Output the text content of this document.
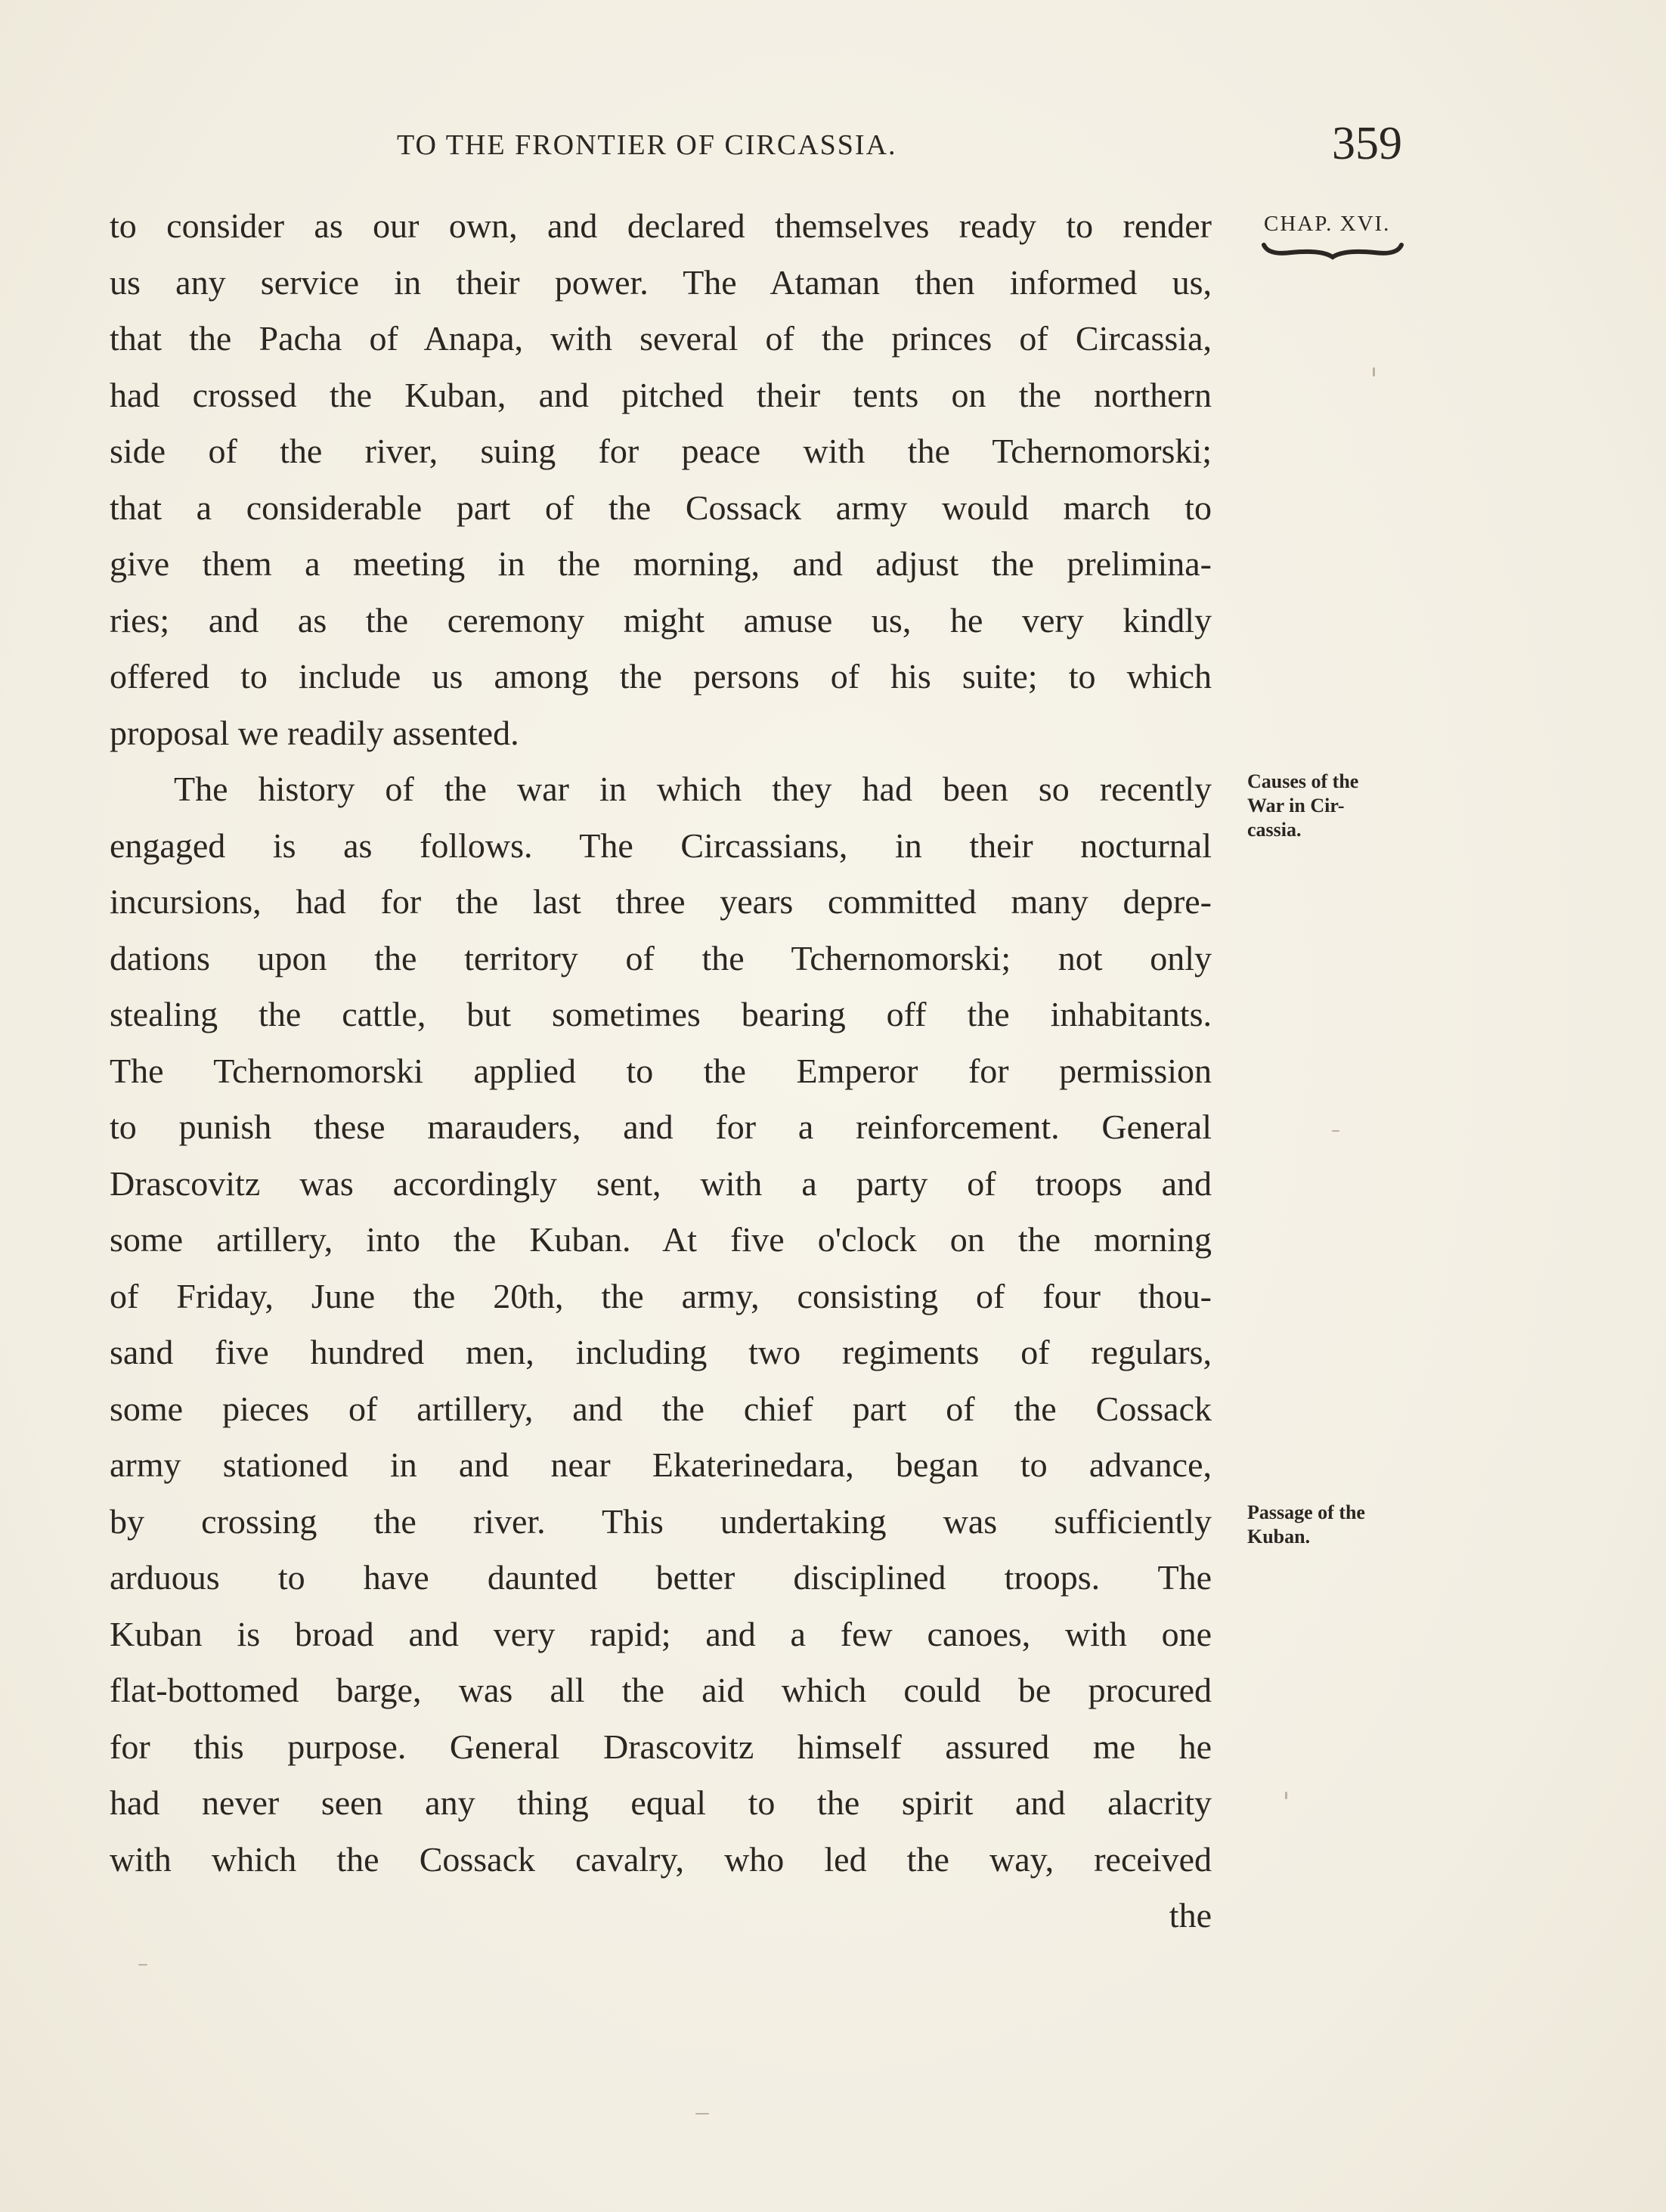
TO THE FRONTIER OF CIRCASSIA.	359
CHAP. XVI.
to consider as our own, and declared themselves ready to render
us any service in their power. The Ataman then informed us,
that the Pacha of Anapa, with several of the princes of Circassia,
had crossed the Kuban, and pitched their tents on the northern
side of the river, suing for peace with the Tchernomorski;
that a considerable part of the Cossack army would march to
give them a meeting in the morning, and adjust the prelimina-
ries; and as the ceremony might amuse us, he very kindly
offered to include us among the persons of his suite; to which
proposal we readily assented.
The history of the war in which they had been so recently
engaged is as follows. The Circassians, in their nocturnal
incursions, had for the last three years committed many depre-
dations upon the territory of the Tchernomorski; not only
stealing the cattle, but sometimes bearing off the inhabitants.
The Tchernomorski applied to the Emperor for permission
to punish these marauders, and for a reinforcement. General
Drascovitz was accordingly sent, with a party of troops and
some artillery, into the Kuban. At five o'clock on the morning
of Friday, June the 20th, the army, consisting of four thou-
sand five hundred men, including two regiments of regulars,
some pieces of artillery, and the chief part of the Cossack
army stationed in and near Ekaterinedara, began to advance,
by crossing the river. This undertaking was sufficiently
arduous to have daunted better disciplined troops. The
Kuban is broad and very rapid; and a few canoes, with one
flat-bottomed barge, was all the aid which could be procured
for this purpose. General Drascovitz himself assured me he
had never seen any thing equal to the spirit and alacrity
with which the Cossack cavalry, who led the way, received
the
Causes of the
War in Cir-
cassia.
Passage of the
Kuban.
